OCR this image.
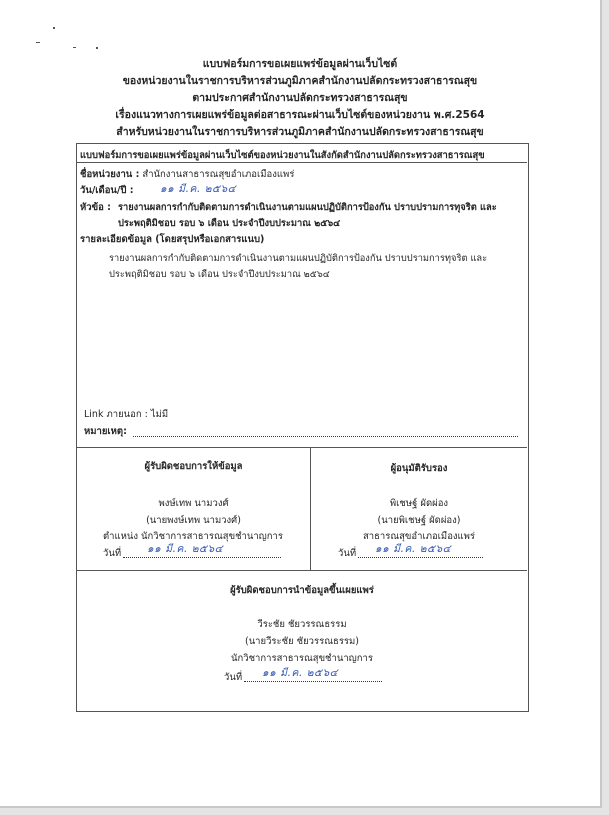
แบบฟอร์มการขอเผยแพร่ข้อมูลผ่านเว็บไซต์
ของหน่วยงานในราชการบริหารส่วนภูมิภาคสำนักงานปลัดกระทรวงสาธารณสุข
ตามประกาศสำนักงานปลัดกระทรวงสาธารณสุข
เรื่องแนวทางการเผยแพร่ข้อมูลต่อสาธารณะผ่านเว็บไซต์ของหน่วยงาน พ.ศ.2564
สำหรับหน่วยงานในราชการบริหารส่วนภูมิภาคสำนักงานปลัดกระทรวงสาธารณสุข
แบบฟอร์มการขอเผยแพร่ข้อมูลผ่านเว็บไซต์ของหน่วยงานในสังกัดสำนักงานปลัดกระทรวงสาธารณสุข
ชื่อหน่วยงาน : สำนักงานสาธารณสุขอำเภอเมืองแพร่
วัน/เดือน/ปี :	๑๑ มี.ค. ๒๕๖๔
หัวข้อ : รายงานผลการกำกับติดตามการดำเนินงานตามแผนปฏิบัติการป้องกัน ปราบปรามการทุจริต และ
ประพฤติมิชอบ รอบ ๖ เดือน ประจำปีงบประมาณ ๒๕๖๔
รายละเอียดข้อมูล (โดยสรุปหรือเอกสารแนบ)
รายงานผลการกำกับติดตามการดำเนินงานตามแผนปฏิบัติการป้องกัน ปราบปรามการทุจริต และ
ประพฤติมิชอบ รอบ ๖ เดือน ประจำปีงบประมาณ ๒๕๖๔
Link ภายนอก : ไม่มี
หมายเหตุ:
ผู้รับผิดชอบการให้ข้อมูล
พงษ์เทพ นามวงศ์
(นายพงษ์เทพ นามวงศ์)
ตำแหน่ง นักวิชาการสาธารณสุขชำนาญการ
วันที่ ๑๑ มี.ค. ๒๕๖๔
ผู้อนุมัติรับรอง
พิเชษฐ์ ผัดผ่อง
(นายพิเชษฐ์ ผัดผ่อง)
สาธารณสุขอำเภอเมืองแพร่
วันที่ ๑๑ มี.ค. ๒๕๖๔
ผู้รับผิดชอบการนำข้อมูลขึ้นเผยแพร่
วีระชัย ชัยวรรณธรรม
(นายวีระชัย ชัยวรรณธรรม)
นักวิชาการสาธารณสุขชำนาญการ
วันที่ ๑๑ มี.ค. ๒๕๖๔
